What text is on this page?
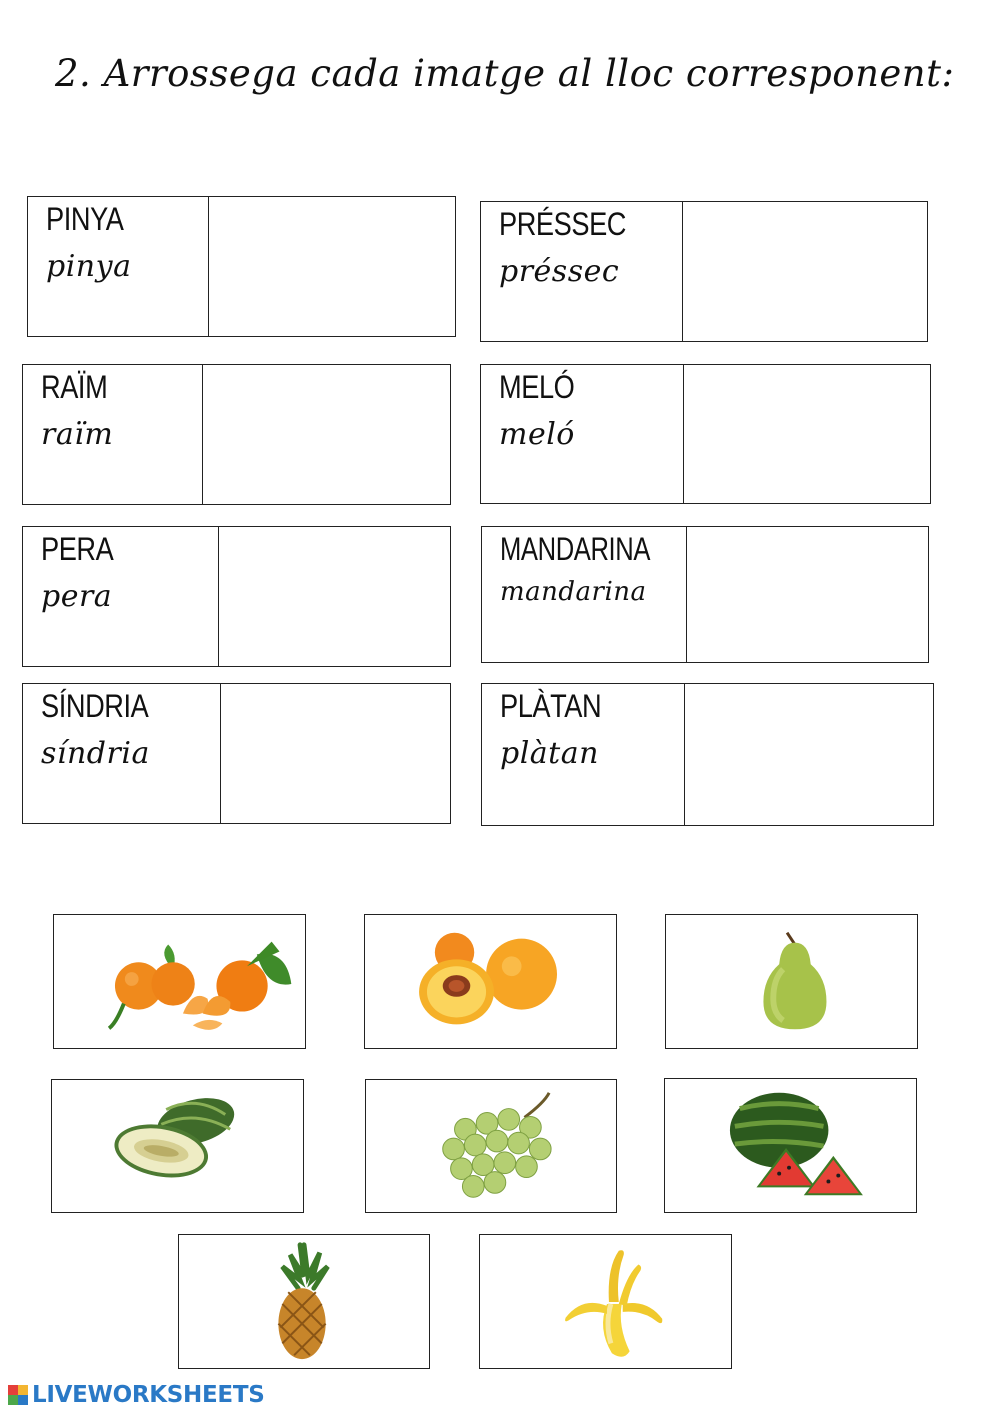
2. Arrossega cada imatge al lloc corresponent:
PINYA
pinya
PRÉSSEC
préssec
RAÏM
raïm
MELÓ
meló
PERA
pera
MANDARINA
mandarina
SÍNDRIA
síndria
PLÀTAN
plàtan
LIVEWORKSHEETS
